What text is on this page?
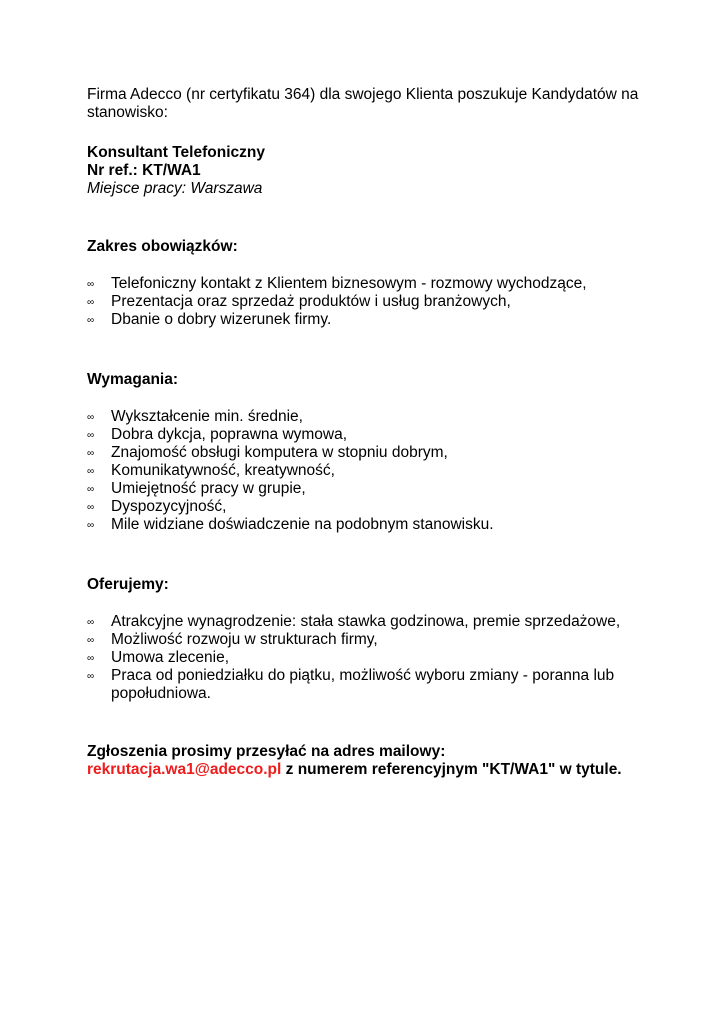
Firma Adecco (nr certyfikatu 364) dla swojego Klienta poszukuje Kandydatów na stanowisko:

Konsultant Telefoniczny

Nr ref.: KT/WA1

Miejsce pracy: Warszawa

Zakres obowiązków:

∞ Telefoniczny kontakt z Klientem biznesowym - rozmowy wychodzące,
∞ Prezentacja oraz sprzedaż produktów i usług branżowych,
∞ Dbanie o dobry wizerunek firmy.

Wymagania:

∞ Wykształcenie min. średnie,
∞ Dobra dykcja, poprawna wymowa,
∞ Znajomość obsługi komputera w stopniu dobrym,
∞ Komunikatywność, kreatywność,
∞ Umiejętność pracy w grupie,
∞ Dyspozycyjność,
∞ Mile widziane doświadczenie na podobnym stanowisku.

Oferujemy:

∞ Atrakcyjne wynagrodzenie: stała stawka godzinowa, premie sprzedażowe,
∞ Możliwość rozwoju w strukturach firmy,
∞ Umowa zlecenie,
∞ Praca od poniedziałku do piątku, możliwość wyboru zmiany - poranna lub popołudniowa.
Zgłoszenia prosimy przesyłać na adres mailowy:
rekrutacja.wa1@adecco.pl z numerem referencyjnym "KT/WA1" w tytule.
